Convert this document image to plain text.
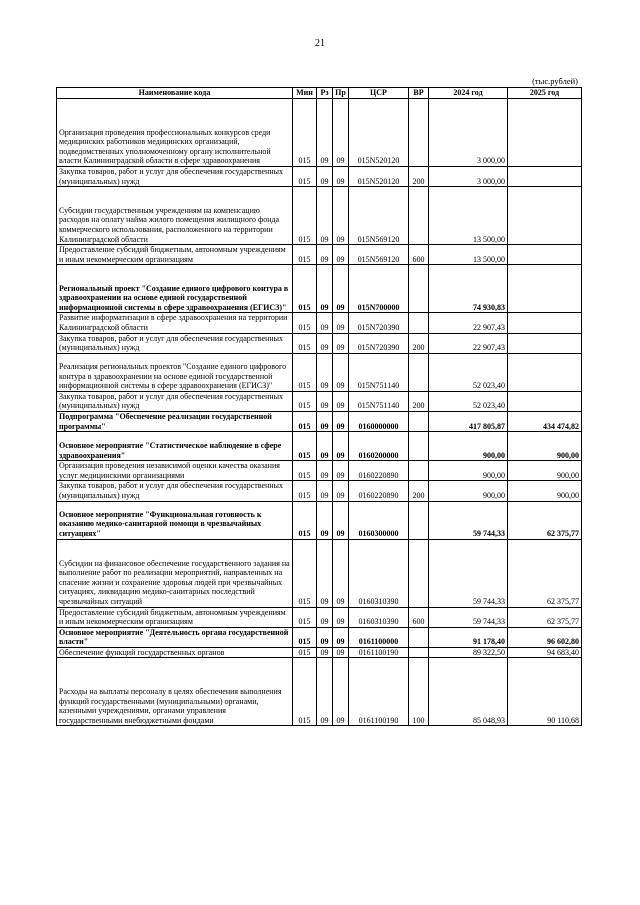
21
(тыс.рублей)
Наименование кода	Мин	Рз	Пр	ЦСР	ВР	2024 год	2025 год
Организация проведения профессиональных конкурсов среди медицинских работников медицинских организаций, подведомственных уполномоченному органу исполнительной власти Калининградской области в сфере здравоохранения	015	09	09	015N520120		3 000,00	
Закупка товаров, работ и услуг для обеспечения государственных (муниципальных) нужд	015	09	09	015N520120	200	3 000,00	
Субсидии государственным учреждениям на компенсацию расходов на оплату найма жилого помещения жилищного фонда коммерческого использования, расположенного на территории Калининградской области	015	09	09	015N569120		13 500,00	
Предоставление субсидий бюджетным, автономным учреждениям и иным некоммерческим организациям	015	09	09	015N569120	600	13 500,00	
Региональный проект "Создание единого цифрового контура в здравоохранении на основе единой государственной информационной системы в сфере здравоохранения (ЕГИСЗ)"	015	09	09	015N700000		74 930,83	
Развитие информатизации в сфере здравоохранения на территории Калининградской области	015	09	09	015N720390		22 907,43	
Закупка товаров, работ и услуг для обеспечения государственных (муниципальных) нужд	015	09	09	015N720390	200	22 907,43	
Реализация региональных проектов "Создание единого цифрового контура в здравоохранении на основе единой государственной информационной системы в сфере здравоохранения (ЕГИСЗ)"	015	09	09	015N751140		52 023,40	
Закупка товаров, работ и услуг для обеспечения государственных (муниципальных) нужд	015	09	09	015N751140	200	52 023,40	
Подпрограмма "Обеспечение реализации государственной программы"	015	09	09	0160000000		417 805,87	434 474,82
Основное мероприятие "Статистическое наблюдение в сфере здравоохранения"	015	09	09	0160200000		900,00	900,00
Организация проведения независимой оценки качества оказания услуг медицинскими организациями	015	09	09	0160220890		900,00	900,00
Закупка товаров, работ и услуг для обеспечения государственных (муниципальных) нужд	015	09	09	0160220890	200	900,00	900,00
Основное мероприятие "Функциональная готовность к оказанию медико-санитарной помощи в чрезвычайных ситуациях"	015	09	09	0160300000		59 744,33	62 375,77
Субсидии на финансовое обеспечение государственного задания на выполнение работ по реализации мероприятий, направленных на спасение жизни и сохранение здоровья людей при чрезвычайных ситуациях, ликвидацию медико-санитарных последствий чрезвычайных ситуаций	015	09	09	0160310390		59 744,33	62 375,77
Предоставление субсидий бюджетным, автономным учреждениям и иным некоммерческим организациям	015	09	09	0160310390	600	59 744,33	62 375,77
Основное мероприятие "Деятельность органа государственной власти"	015	09	09	0161100000		91 178,40	96 602,80
Обеспечение функций государственных органов	015	09	09	0161100190		89 322,50	94 683,40
Расходы на выплаты персоналу в целях обеспечения выполнения функций государственными (муниципальными) органами, казенными учреждениями, органами управления государственными внебюджетными фондами	015	09	09	0161100190	100	85 048,93	90 110,68
